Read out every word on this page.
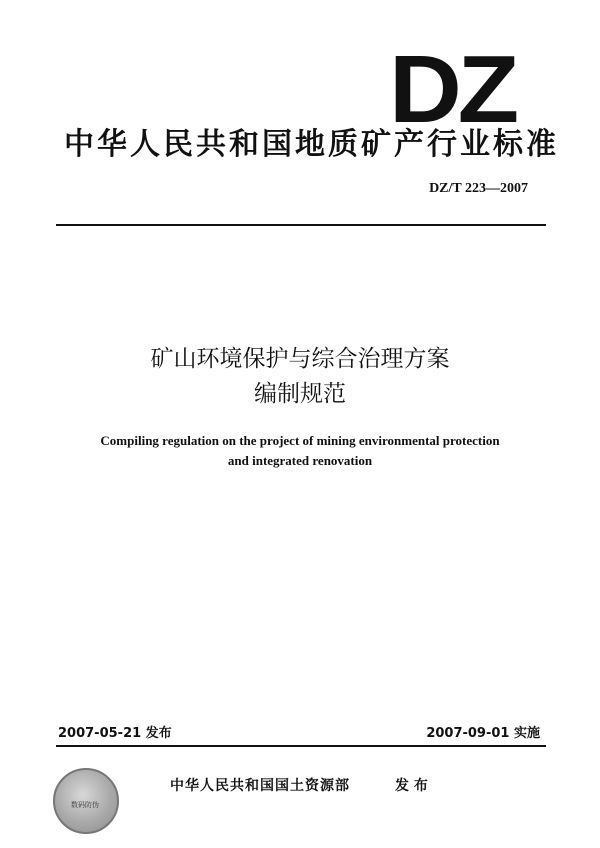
DZ
中华人民共和国地质矿产行业标准
DZ/T 223—2007
矿山环境保护与综合治理方案
编制规范
Compiling regulation on the project of mining environmental protection
and integrated renovation
2007-05-21 发布	2007-09-01 实施
数码防伪
中华人民共和国国土资源部	发 布
